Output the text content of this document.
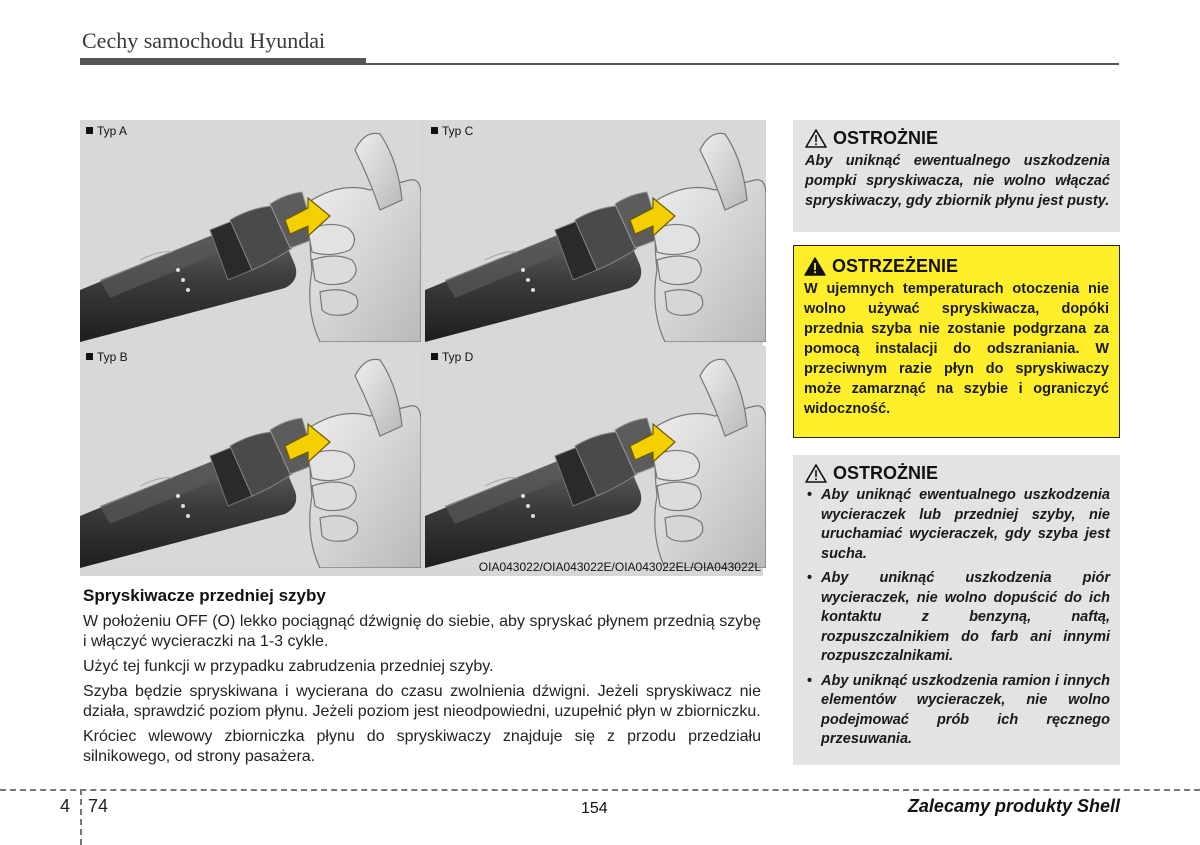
Cechy samochodu Hyundai
Typ A	Typ C
Typ B	Typ D
OIA043022/OIA043022E/OIA043022EL/OIA043022L
Spryskiwacze przedniej szyby

W położeniu OFF (O) lekko pociągnąć dźwignię do siebie, aby spryskać płynem przednią szybę i włączyć wycieraczki na 1-3 cykle.

Użyć tej funkcji w przypadku zabrudzenia przedniej szyby.

Szyba będzie spryskiwana i wycierana do czasu zwolnienia dźwigni. Jeżeli spryskiwacz nie działa, sprawdzić poziom płynu. Jeżeli poziom jest nieodpowiedni, uzupełnić płyn w zbiorniczku.

Króciec wlewowy zbiorniczka płynu do spryskiwaczy znajduje się z przodu przedziału silnikowego, od strony pasażera.

OSTROŻNIE
Aby uniknąć ewentualnego uszkodzenia pompki spryskiwacza, nie wolno włączać spryskiwaczy, gdy zbiornik płynu jest pusty.
OSTRZEŻENIE
W ujemnych temperaturach otoczenia nie wolno używać spryskiwacza, dopóki przednia szyba nie zostanie podgrzana za pomocą instalacji do odszraniania. W przeciwnym razie płyn do spryskiwaczy może zamarznąć na szybie i ograniczyć widoczność.
OSTROŻNIE
• Aby uniknąć ewentualnego uszkodzenia wycieraczek lub przedniej szyby, nie uruchamiać wycieraczek, gdy szyba jest sucha.
• Aby uniknąć uszkodzenia piór wycieraczek, nie wolno dopuścić do ich kontaktu z benzyną, naftą, rozpuszczalnikiem do farb ani innymi rozpuszczalnikami.
• Aby uniknąć uszkodzenia ramion i innych elementów wycieraczek, nie wolno podejmować prób ich ręcznego przesuwania.
4 74	154	Zalecamy produkty Shell
